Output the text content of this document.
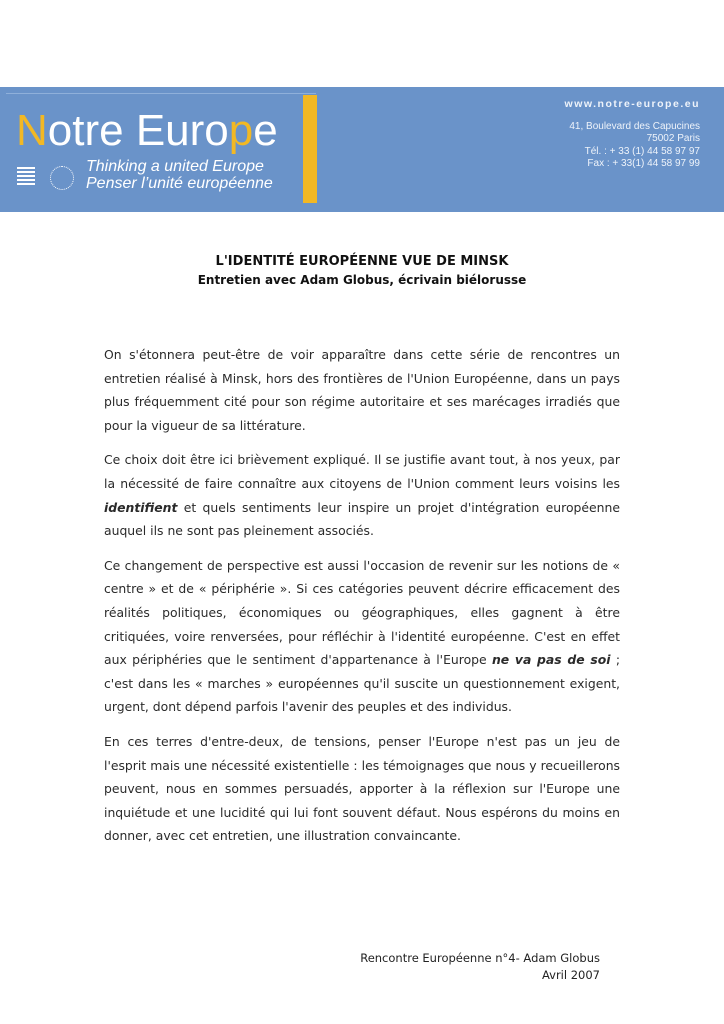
Notre Europe
Thinking a united Europe
Penser l’unité européenne
www.notre-europe.eu
41, Boulevard des Capucines
75002 Paris
Tél. : + 33 (1) 44 58 97 97
Fax : + 33(1) 44 58 97 99
L'IDENTITÉ EUROPÉENNE VUE DE MINSK
Entretien avec Adam Globus, écrivain biélorusse

On s'étonnera peut-être de voir apparaître dans cette série de rencontres un entretien réalisé à Minsk, hors des frontières de l'Union Européenne, dans un pays plus fréquemment cité pour son régime autoritaire et ses marécages irradiés que pour la vigueur de sa littérature.

Ce choix doit être ici brièvement expliqué. Il se justifie avant tout, à nos yeux, par la nécessité de faire connaître aux citoyens de l'Union comment leurs voisins les identifient et quels sentiments leur inspire un projet d'intégration européenne auquel ils ne sont pas pleinement associés.

Ce changement de perspective est aussi l'occasion de revenir sur les notions de « centre » et de « périphérie ». Si ces catégories peuvent décrire efficacement des réalités politiques, économiques ou géographiques, elles gagnent à être critiquées, voire renversées, pour réfléchir à l'identité européenne. C'est en effet aux périphéries que le sentiment d'appartenance à l'Europe ne va pas de soi ; c'est dans les « marches » européennes qu'il suscite un questionnement exigent, urgent, dont dépend parfois l'avenir des peuples et des individus.

En ces terres d'entre-deux, de tensions, penser l'Europe n'est pas un jeu de l'esprit mais une nécessité existentielle : les témoignages que nous y recueillerons peuvent, nous en sommes persuadés, apporter à la réflexion sur l'Europe une inquiétude et une lucidité qui lui font souvent défaut. Nous espérons du moins en donner, avec cet entretien, une illustration convaincante.

Rencontre Européenne n°4- Adam Globus
Avril 2007
